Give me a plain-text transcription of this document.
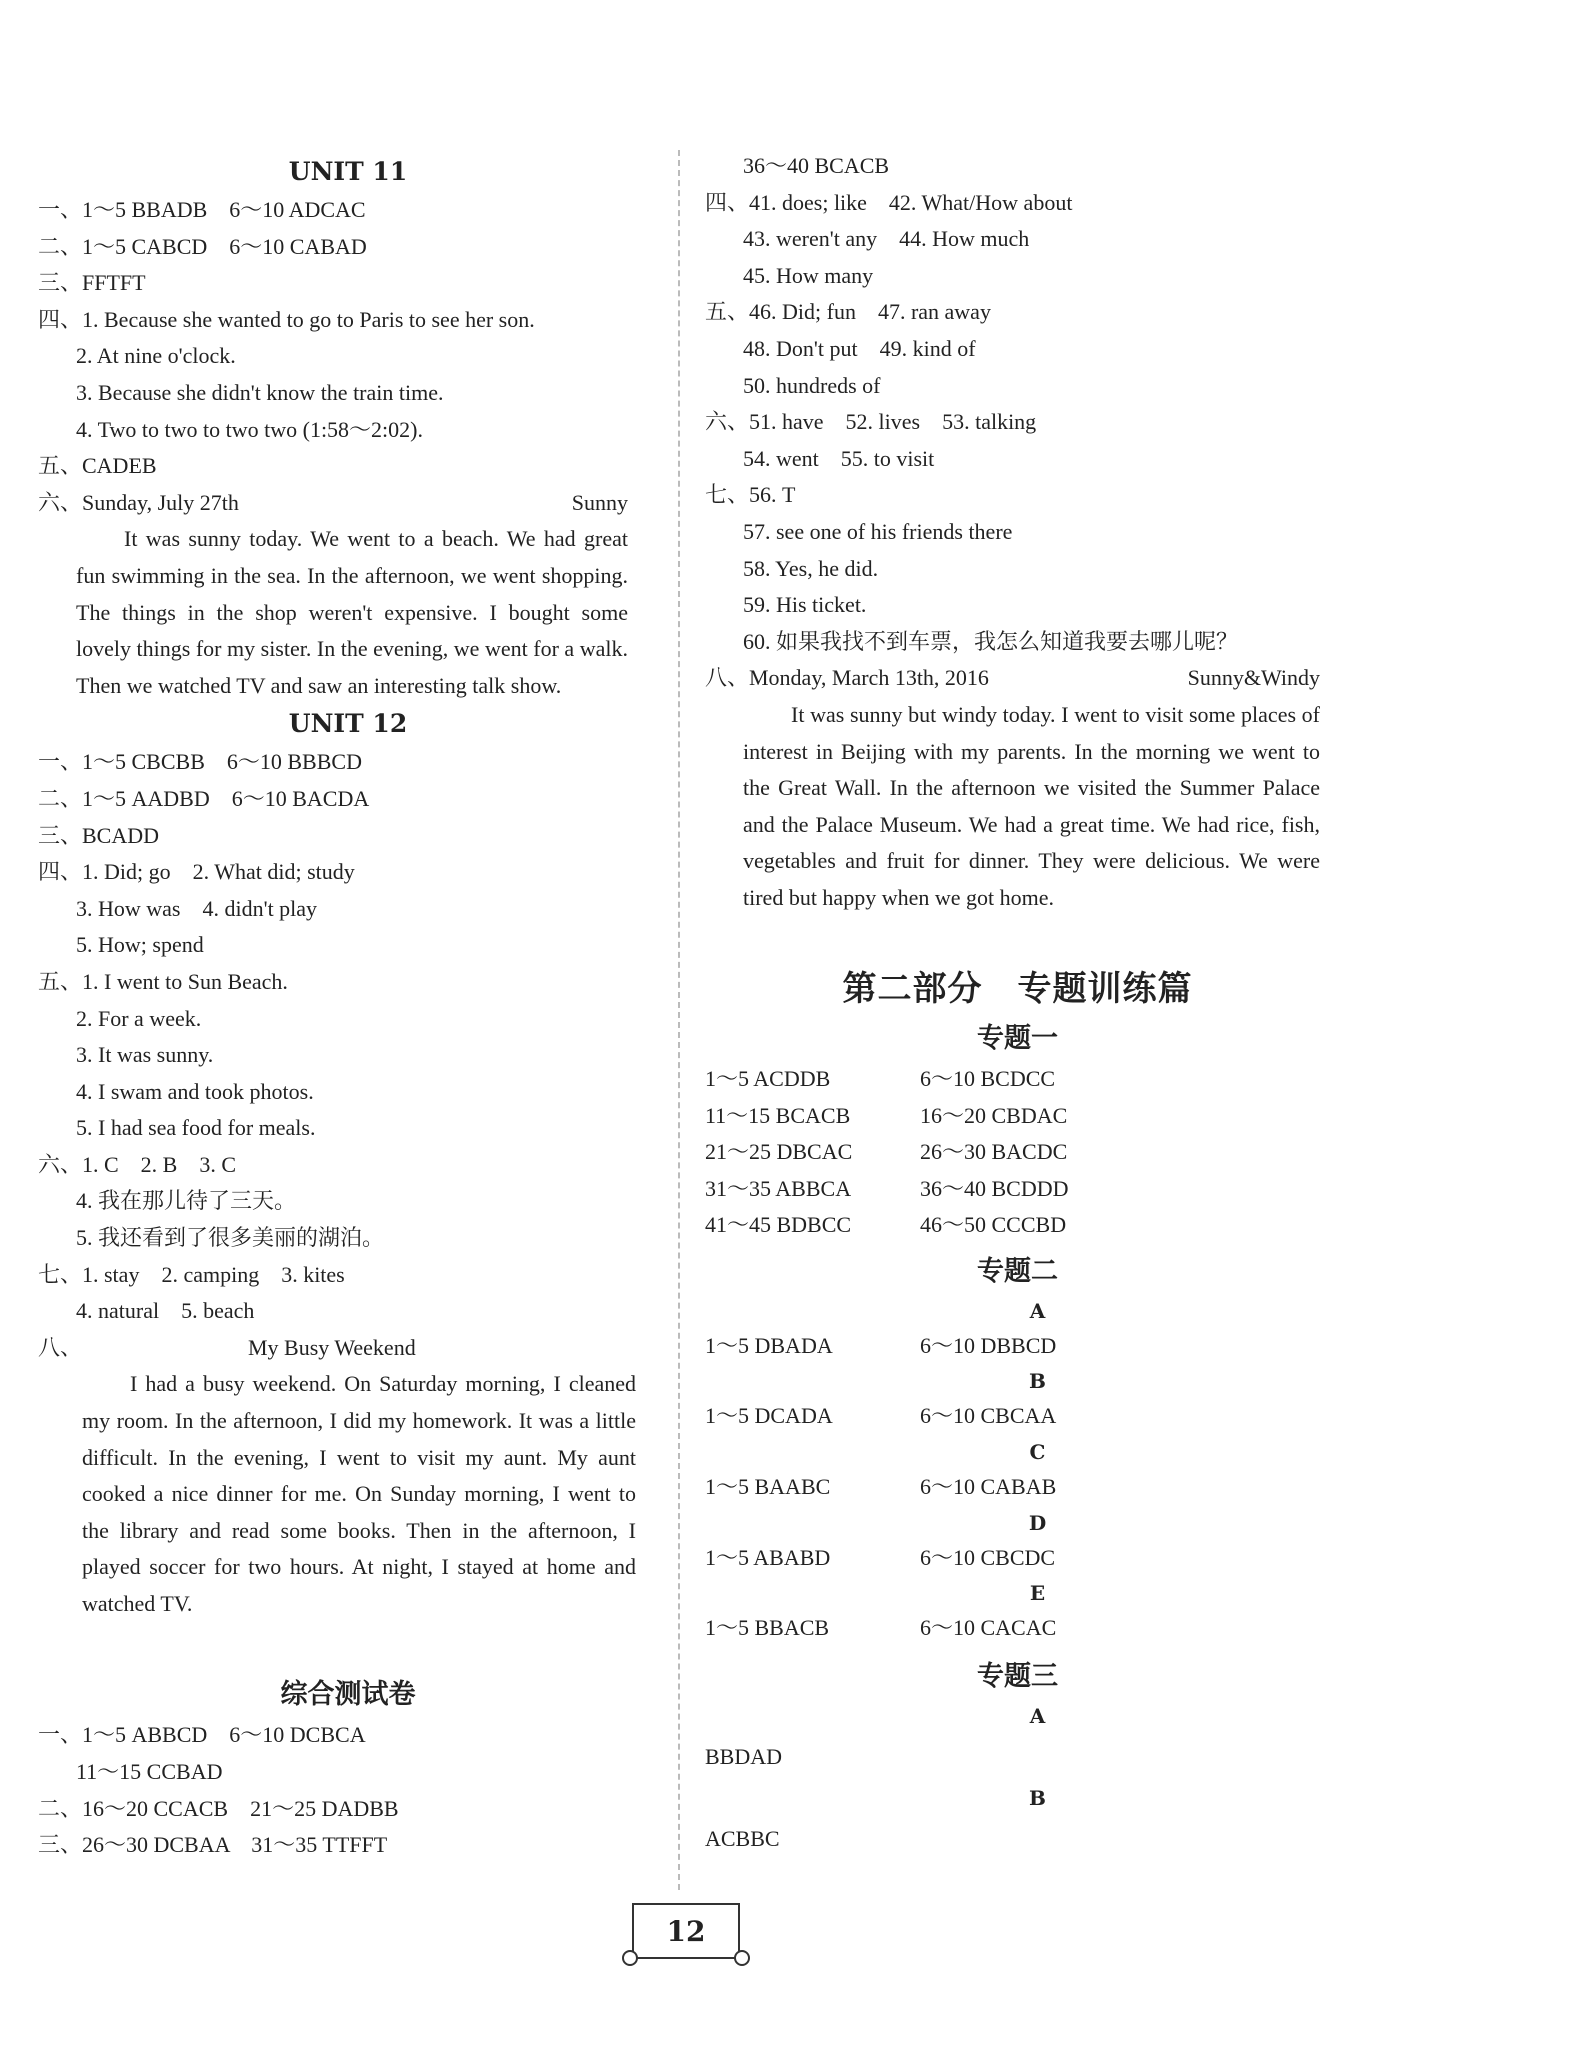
UNIT 11
一、1～5 BBADB　6～10 ADCAC
二、1～5 CABCD　6～10 CABAD
三、FFTFT
四、1. Because she wanted to go to Paris to see her son.
2. At nine o'clock.
3. Because she didn't know the train time.
4. Two to two to two two (1:58～2:02).
五、CADEB
六、Sunday, July 27th	Sunny
It was sunny today. We went to a beach. We had great fun swimming in the sea. In the afternoon, we went shopping. The things in the shop weren't expensive. I bought some lovely things for my sister. In the evening, we went for a walk. Then we watched TV and saw an interesting talk show.
UNIT 12
一、1～5 CBCBB　6～10 BBBCD
二、1～5 AADBD　6～10 BACDA
三、BCADD
四、1. Did; go　2. What did; study
3. How was　4. didn't play
5. How; spend
五、1. I went to Sun Beach.
2. For a week.
3. It was sunny.
4. I swam and took photos.
5. I had sea food for meals.
六、1. C　2. B　3. C
4. 我在那儿待了三天。
5. 我还看到了很多美丽的湖泊。
七、1. stay　2. camping　3. kites
4. natural　5. beach
八、	My Busy Weekend
I had a busy weekend. On Saturday morning, I cleaned my room. In the afternoon, I did my homework. It was a little difficult. In the evening, I went to visit my aunt. My aunt cooked a nice dinner for me. On Sunday morning, I went to the library and read some books. Then in the afternoon, I played soccer for two hours. At night, I stayed at home and watched TV.
综合测试卷
一、1～5 ABBCD　6～10 DCBCA
11～15 CCBAD
二、16～20 CCACB　21～25 DADBB
三、26～30 DCBAA　31～35 TTFFT
36～40 BCACB
四、41. does; like　42. What/How about
43. weren't any　44. How much
45. How many
五、46. Did; fun　47. ran away
48. Don't put　49. kind of
50. hundreds of
六、51. have　52. lives　53. talking
54. went　55. to visit
七、56. T
57. see one of his friends there
58. Yes, he did.
59. His ticket.
60. 如果我找不到车票，我怎么知道我要去哪儿呢？
八、Monday, March 13th, 2016	Sunny&Windy
It was sunny but windy today. I went to visit some places of interest in Beijing with my parents. In the morning we went to the Great Wall. In the afternoon we visited the Summer Palace and the Palace Museum. We had a great time. We had rice, fish, vegetables and fruit for dinner. They were delicious. We were tired but happy when we got home.
第二部分　专题训练篇
专题一
1～5 ACDDB	6～10 BCDCC
11～15 BCACB	16～20 CBDAC
21～25 DBCAC	26～30 BACDC
31～35 ABBCA	36～40 BCDDD
41～45 BDBCC	46～50 CCCBD
专题二
A
1～5 DBADA	6～10 DBBCD
B
1～5 DCADA	6～10 CBCAA
C
1～5 BAABC	6～10 CABAB
D
1～5 ABABD	6～10 CBCDC
E
1～5 BBACB	6～10 CACAC
专题三
A
BBDAD
B
ACBBC
12
